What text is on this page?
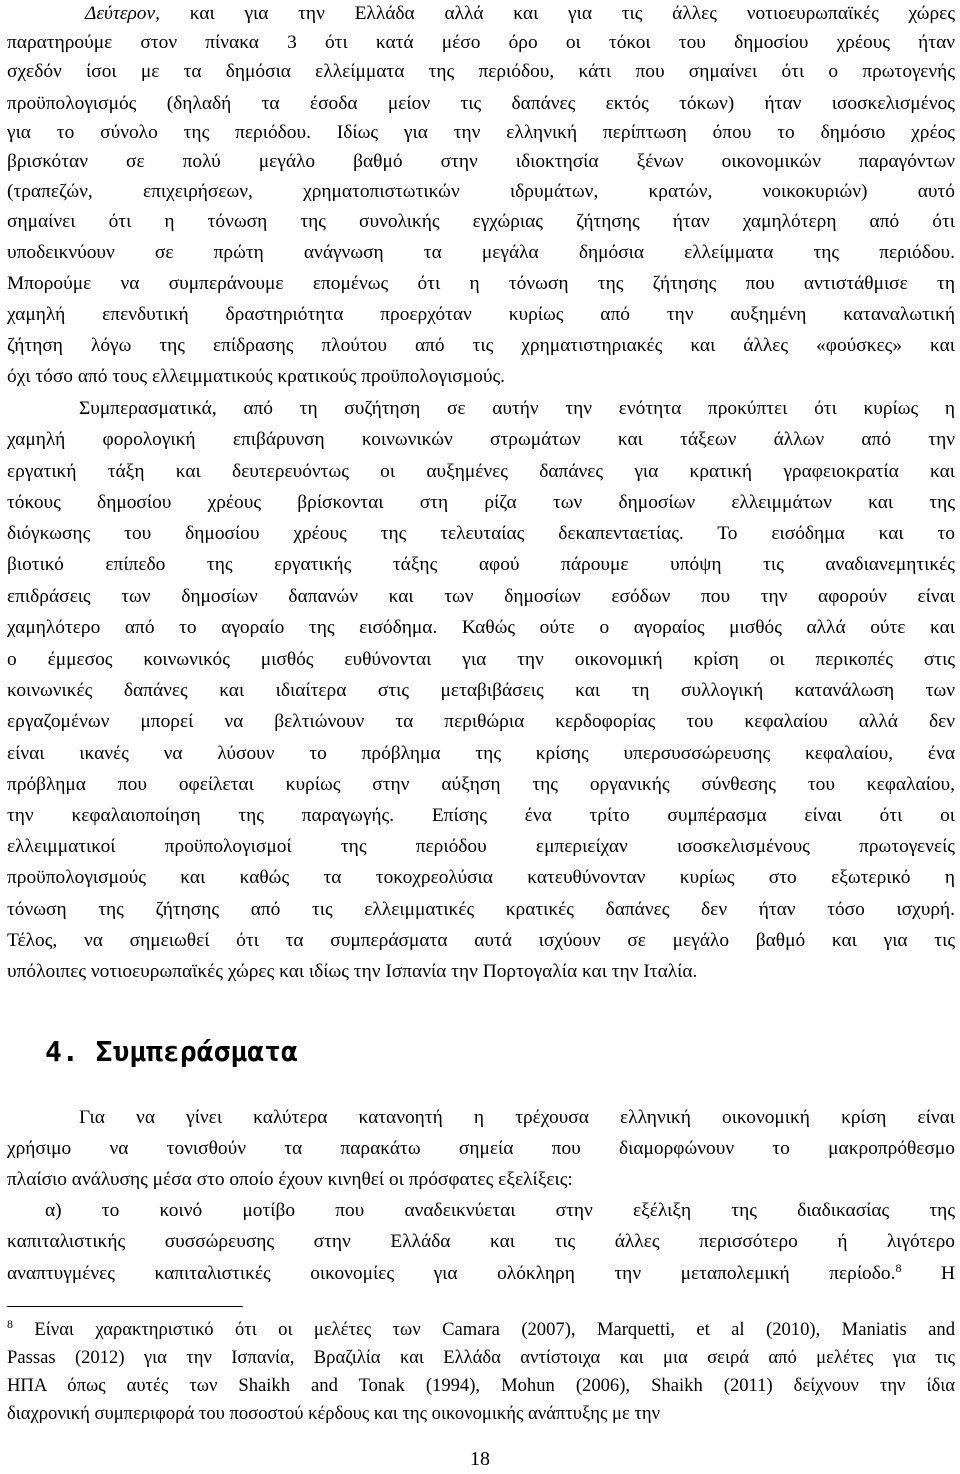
Δεύτερον, και για την Ελλάδα αλλά και για τις άλλες νοτιοευρωπαϊκές χώρες
παρατηρούμε στον πίνακα 3 ότι κατά μέσο όρο οι τόκοι του δημοσίου χρέους ήταν
σχεδόν ίσοι με τα δημόσια ελλείμματα της περιόδου, κάτι που σημαίνει ότι ο πρωτογενής
προϋπολογισμός (δηλαδή τα έσοδα μείον τις δαπάνες εκτός τόκων) ήταν ισοσκελισμένος
για το σύνολο της περιόδου. Ιδίως για την ελληνική περίπτωση όπου το δημόσιο χρέος
βρισκόταν σε πολύ μεγάλο βαθμό στην ιδιοκτησία ξένων οικονομικών παραγόντων
(τραπεζών, επιχειρήσεων, χρηματοπιστωτικών ιδρυμάτων, κρατών, νοικοκυριών) αυτό
σημαίνει ότι η τόνωση της συνολικής εγχώριας ζήτησης ήταν χαμηλότερη από ότι
υποδεικνύουν σε πρώτη ανάγνωση τα μεγάλα δημόσια ελλείμματα της περιόδου.
Μπορούμε να συμπεράνουμε επομένως ότι η τόνωση της ζήτησης που αντιστάθμισε τη
χαμηλή επενδυτική δραστηριότητα προερχόταν κυρίως από την αυξημένη καταναλωτική
ζήτηση λόγω της επίδρασης πλούτου από τις χρηματιστηριακές και άλλες «φούσκες» και
όχι τόσο από τους ελλειμματικούς κρατικούς προϋπολογισμούς.
Συμπερασματικά, από τη συζήτηση σε αυτήν την ενότητα προκύπτει ότι κυρίως η
χαμηλή φορολογική επιβάρυνση κοινωνικών στρωμάτων και τάξεων άλλων από την
εργατική τάξη και δευτερευόντως οι αυξημένες δαπάνες για κρατική γραφειοκρατία και
τόκους δημοσίου χρέους βρίσκονται στη ρίζα των δημοσίων ελλειμμάτων και της
διόγκωσης του δημοσίου χρέους της τελευταίας δεκαπενταετίας. Το εισόδημα και το
βιοτικό επίπεδο της εργατικής τάξης αφού πάρουμε υπόψη τις αναδιανεμητικές
επιδράσεις των δημοσίων δαπανών και των δημοσίων εσόδων που την αφορούν είναι
χαμηλότερο από το αγοραίο της εισόδημα. Καθώς ούτε ο αγοραίος μισθός αλλά ούτε και
ο έμμεσος κοινωνικός μισθός ευθύνονται για την οικονομική κρίση οι περικοπές στις
κοινωνικές δαπάνες και ιδιαίτερα στις μεταβιβάσεις και τη συλλογική κατανάλωση των
εργαζομένων μπορεί να βελτιώνουν τα περιθώρια κερδοφορίας του κεφαλαίου αλλά δεν
είναι ικανές να λύσουν το πρόβλημα της κρίσης υπερσυσσώρευσης κεφαλαίου, ένα
πρόβλημα που οφείλεται κυρίως στην αύξηση της οργανικής σύνθεσης του κεφαλαίου,
την κεφαλαιοποίηση της παραγωγής. Επίσης ένα τρίτο συμπέρασμα είναι ότι οι
ελλειμματικοί προϋπολογισμοί της περιόδου εμπεριείχαν ισοσκελισμένους πρωτογενείς
προϋπολογισμούς και καθώς τα τοκοχρεολύσια κατευθύνονταν κυρίως στο εξωτερικό η
τόνωση της ζήτησης από τις ελλειμματικές κρατικές δαπάνες δεν ήταν τόσο ισχυρή.
Τέλος, να σημειωθεί ότι τα συμπεράσματα αυτά ισχύουν σε μεγάλο βαθμό και για τις
υπόλοιπες νοτιοευρωπαϊκές χώρες και ιδίως την Ισπανία την Πορτογαλία και την Ιταλία.
4. Συμπεράσματα
Για να γίνει καλύτερα κατανοητή η τρέχουσα ελληνική οικονομική κρίση είναι
χρήσιμο να τονισθούν τα παρακάτω σημεία που διαμορφώνουν το μακροπρόθεσμο
πλαίσιο ανάλυσης μέσα στο οποίο έχουν κινηθεί οι πρόσφατες εξελίξεις:
α) το κοινό μοτίβο που αναδεικνύεται στην εξέλιξη της διαδικασίας της
καπιταλιστικής συσσώρευσης στην Ελλάδα και τις άλλες περισσότερο ή λιγότερο
αναπτυγμένες καπιταλιστικές οικονομίες για ολόκληρη την μεταπολεμική περίοδο.$^8$ Η
$^8$ Είναι χαρακτηριστικό ότι οι μελέτες των Camara (2007), Marquetti, et al (2010), Maniatis and
Passas (2012) για την Ισπανία, Βραζιλία και Ελλάδα αντίστοιχα και μια σειρά από μελέτες για τις
ΗΠΑ όπως αυτές των Shaikh and Tonak (1994), Mohun (2006), Shaikh (2011) δείχνουν την ίδια
διαχρονική συμπεριφορά του ποσοστού κέρδους και της οικονομικής ανάπτυξης με την
18
